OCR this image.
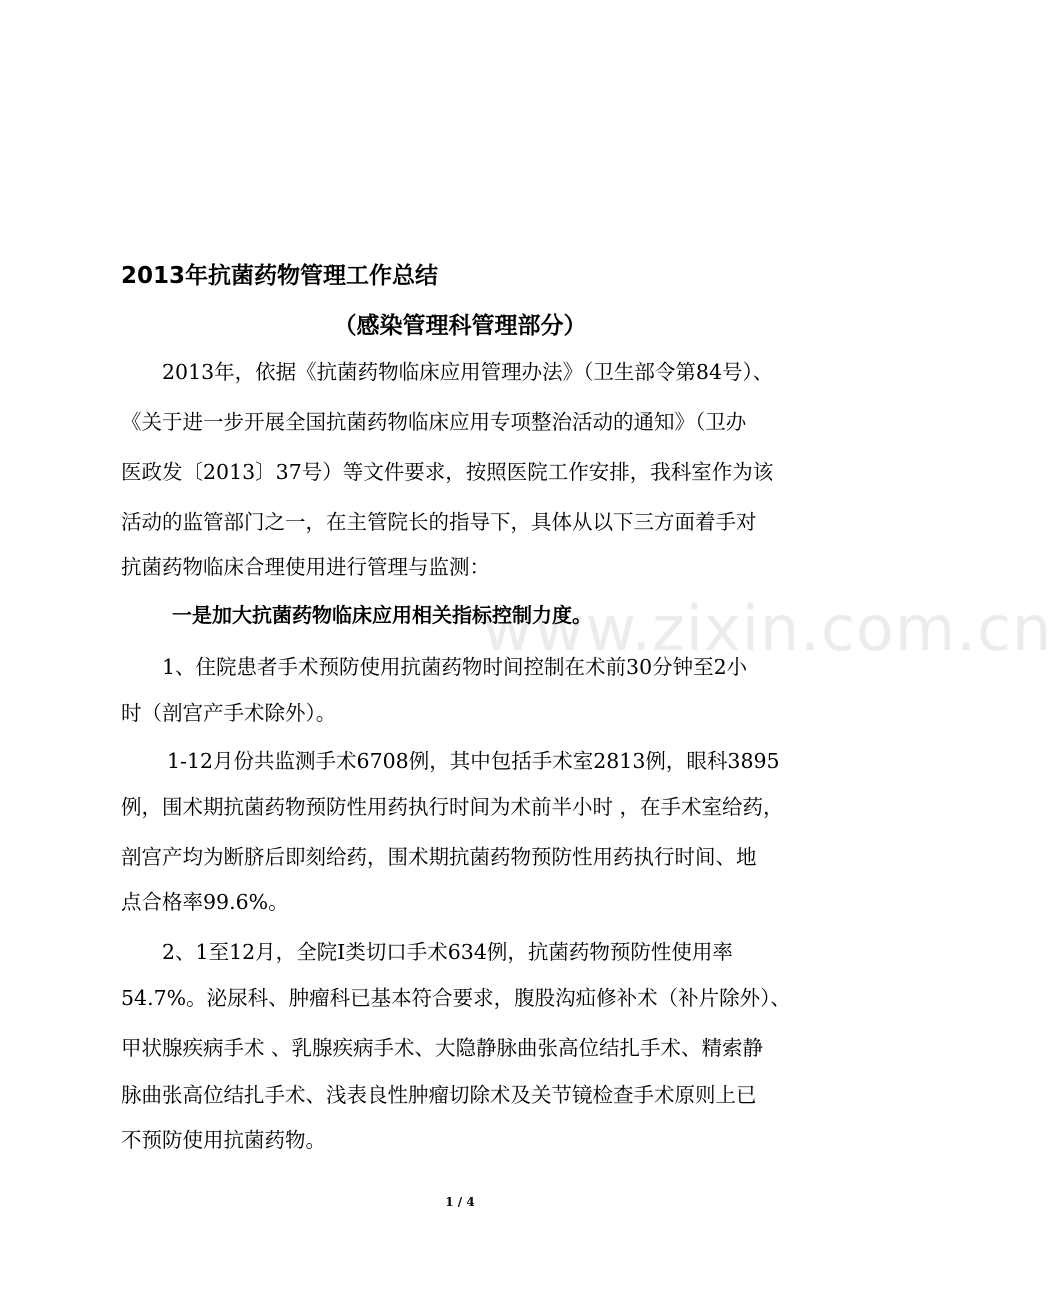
2013年抗菌药物管理工作总结
（感染管理科管理部分）
2013年，依据《抗菌药物临床应用管理办法》（卫生部令第84号）、
《关于进一步开展全国抗菌药物临床应用专项整治活动的通知》（卫办
医政发〔2013〕37号）等文件要求，按照医院工作安排，我科室作为该
活动的监管部门之一，在主管院长的指导下，具体从以下三方面着手对
抗菌药物临床合理使用进行管理与监测：
www.zixin.com.cn
一是加大抗菌药物临床应用相关指标控制力度。
1、住院患者手术预防使用抗菌药物时间控制在术前30分钟至2小
时（剖宫产手术除外）。
1-12月份共监测手术6708例，其中包括手术室2813例，眼科3895
例，围术期抗菌药物预防性用药执行时间为术前半小时 ，在手术室给药，
剖宫产均为断脐后即刻给药，围术期抗菌药物预防性用药执行时间、地
点合格率99.6%。
2、1至12月，全院Ⅰ类切口手术634例，抗菌药物预防性使用率
54.7%。泌尿科、肿瘤科已基本符合要求，腹股沟疝修补术（补片除外）、
甲状腺疾病手术 、乳腺疾病手术、大隐静脉曲张高位结扎手术、精索静
脉曲张高位结扎手术、浅表良性肿瘤切除术及关节镜检查手术原则上已
不预防使用抗菌药物。
1 / 4
